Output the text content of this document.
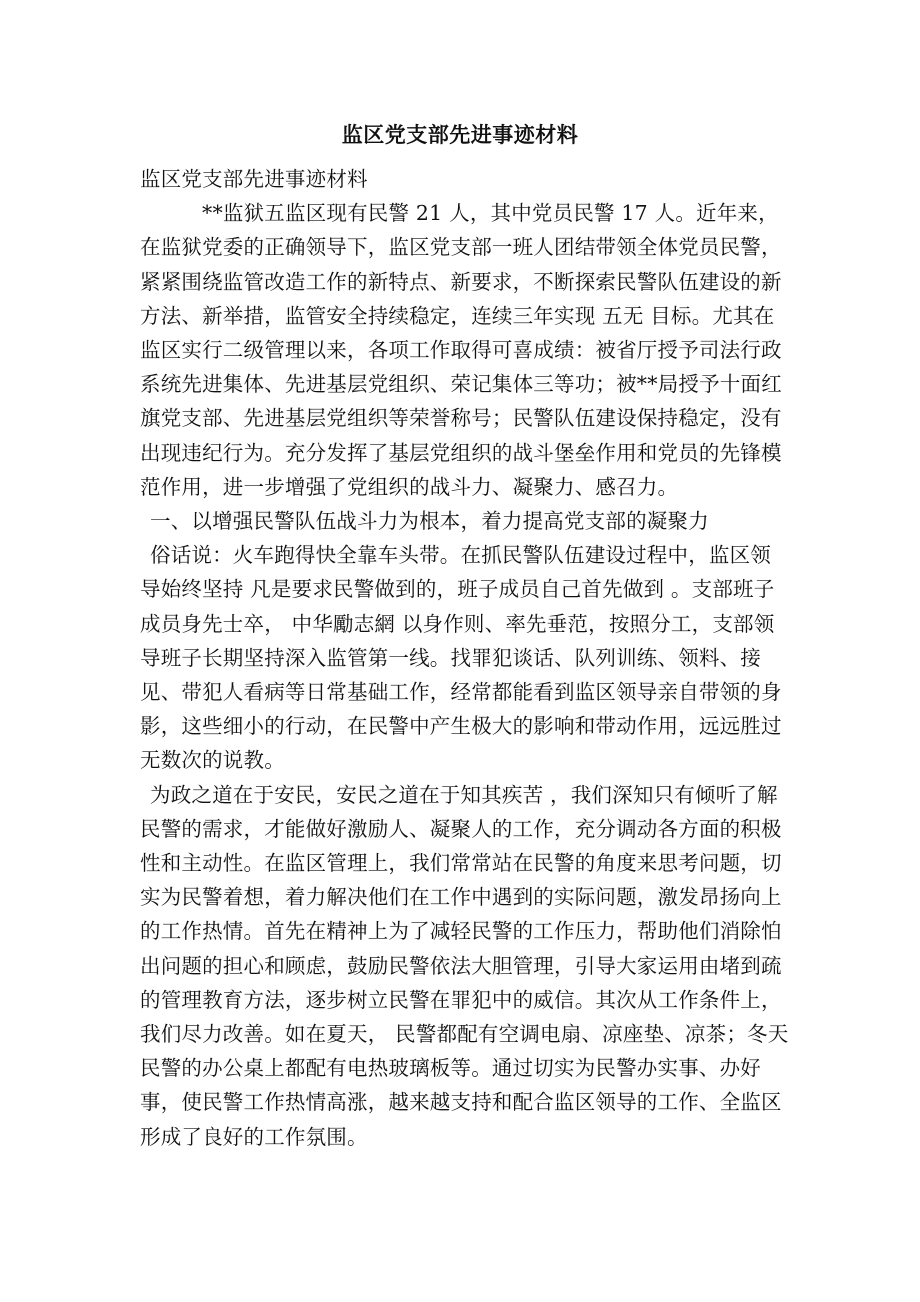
监区党支部先进事迹材料

监区党支部先进事迹材料

**监狱五监区现有民警 21 人，其中党员民警 17 人。近年来，在监狱党委的正确领导下，监区党支部一班人团结带领全体党员民警，紧紧围绕监管改造工作的新特点、新要求，不断探索民警队伍建设的新方法、新举措，监管安全持续稳定，连续三年实现 五无 目标。尤其在监区实行二级管理以来，各项工作取得可喜成绩：被省厅授予司法行政系统先进集体、先进基层党组织、荣记集体三等功；被**局授予十面红旗党支部、先进基层党组织等荣誉称号；民警队伍建设保持稳定，没有出现违纪行为。充分发挥了基层党组织的战斗堡垒作用和党员的先锋模范作用，进一步增强了党组织的战斗力、凝聚力、感召力。

一、以增强民警队伍战斗力为根本，着力提高党支部的凝聚力

俗话说：火车跑得快全靠车头带。在抓民警队伍建设过程中，监区领导始终坚持 凡是要求民警做到的，班子成员自己首先做到 。支部班子成员身先士卒， 中华勵志網 以身作则、率先垂范，按照分工，支部领导班子长期坚持深入监管第一线。找罪犯谈话、队列训练、领料、接见、带犯人看病等日常基础工作，经常都能看到监区领导亲自带领的身影，这些细小的行动，在民警中产生极大的影响和带动作用，远远胜过无数次的说教。

为政之道在于安民，安民之道在于知其疾苦 ，我们深知只有倾听了解民警的需求，才能做好激励人、凝聚人的工作，充分调动各方面的积极性和主动性。在监区管理上，我们常常站在民警的角度来思考问题，切实为民警着想，着力解决他们在工作中遇到的实际问题，激发昂扬向上的工作热情。首先在精神上为了减轻民警的工作压力，帮助他们消除怕出问题的担心和顾虑，鼓励民警依法大胆管理，引导大家运用由堵到疏的管理教育方法，逐步树立民警在罪犯中的威信。其次从工作条件上，我们尽力改善。如在夏天， 民警都配有空调电扇、凉座垫、凉茶；冬天民警的办公桌上都配有电热玻璃板等。通过切实为民警办实事、办好事，使民警工作热情高涨，越来越支持和配合监区领导的工作、全监区形成了良好的工作氛围。
